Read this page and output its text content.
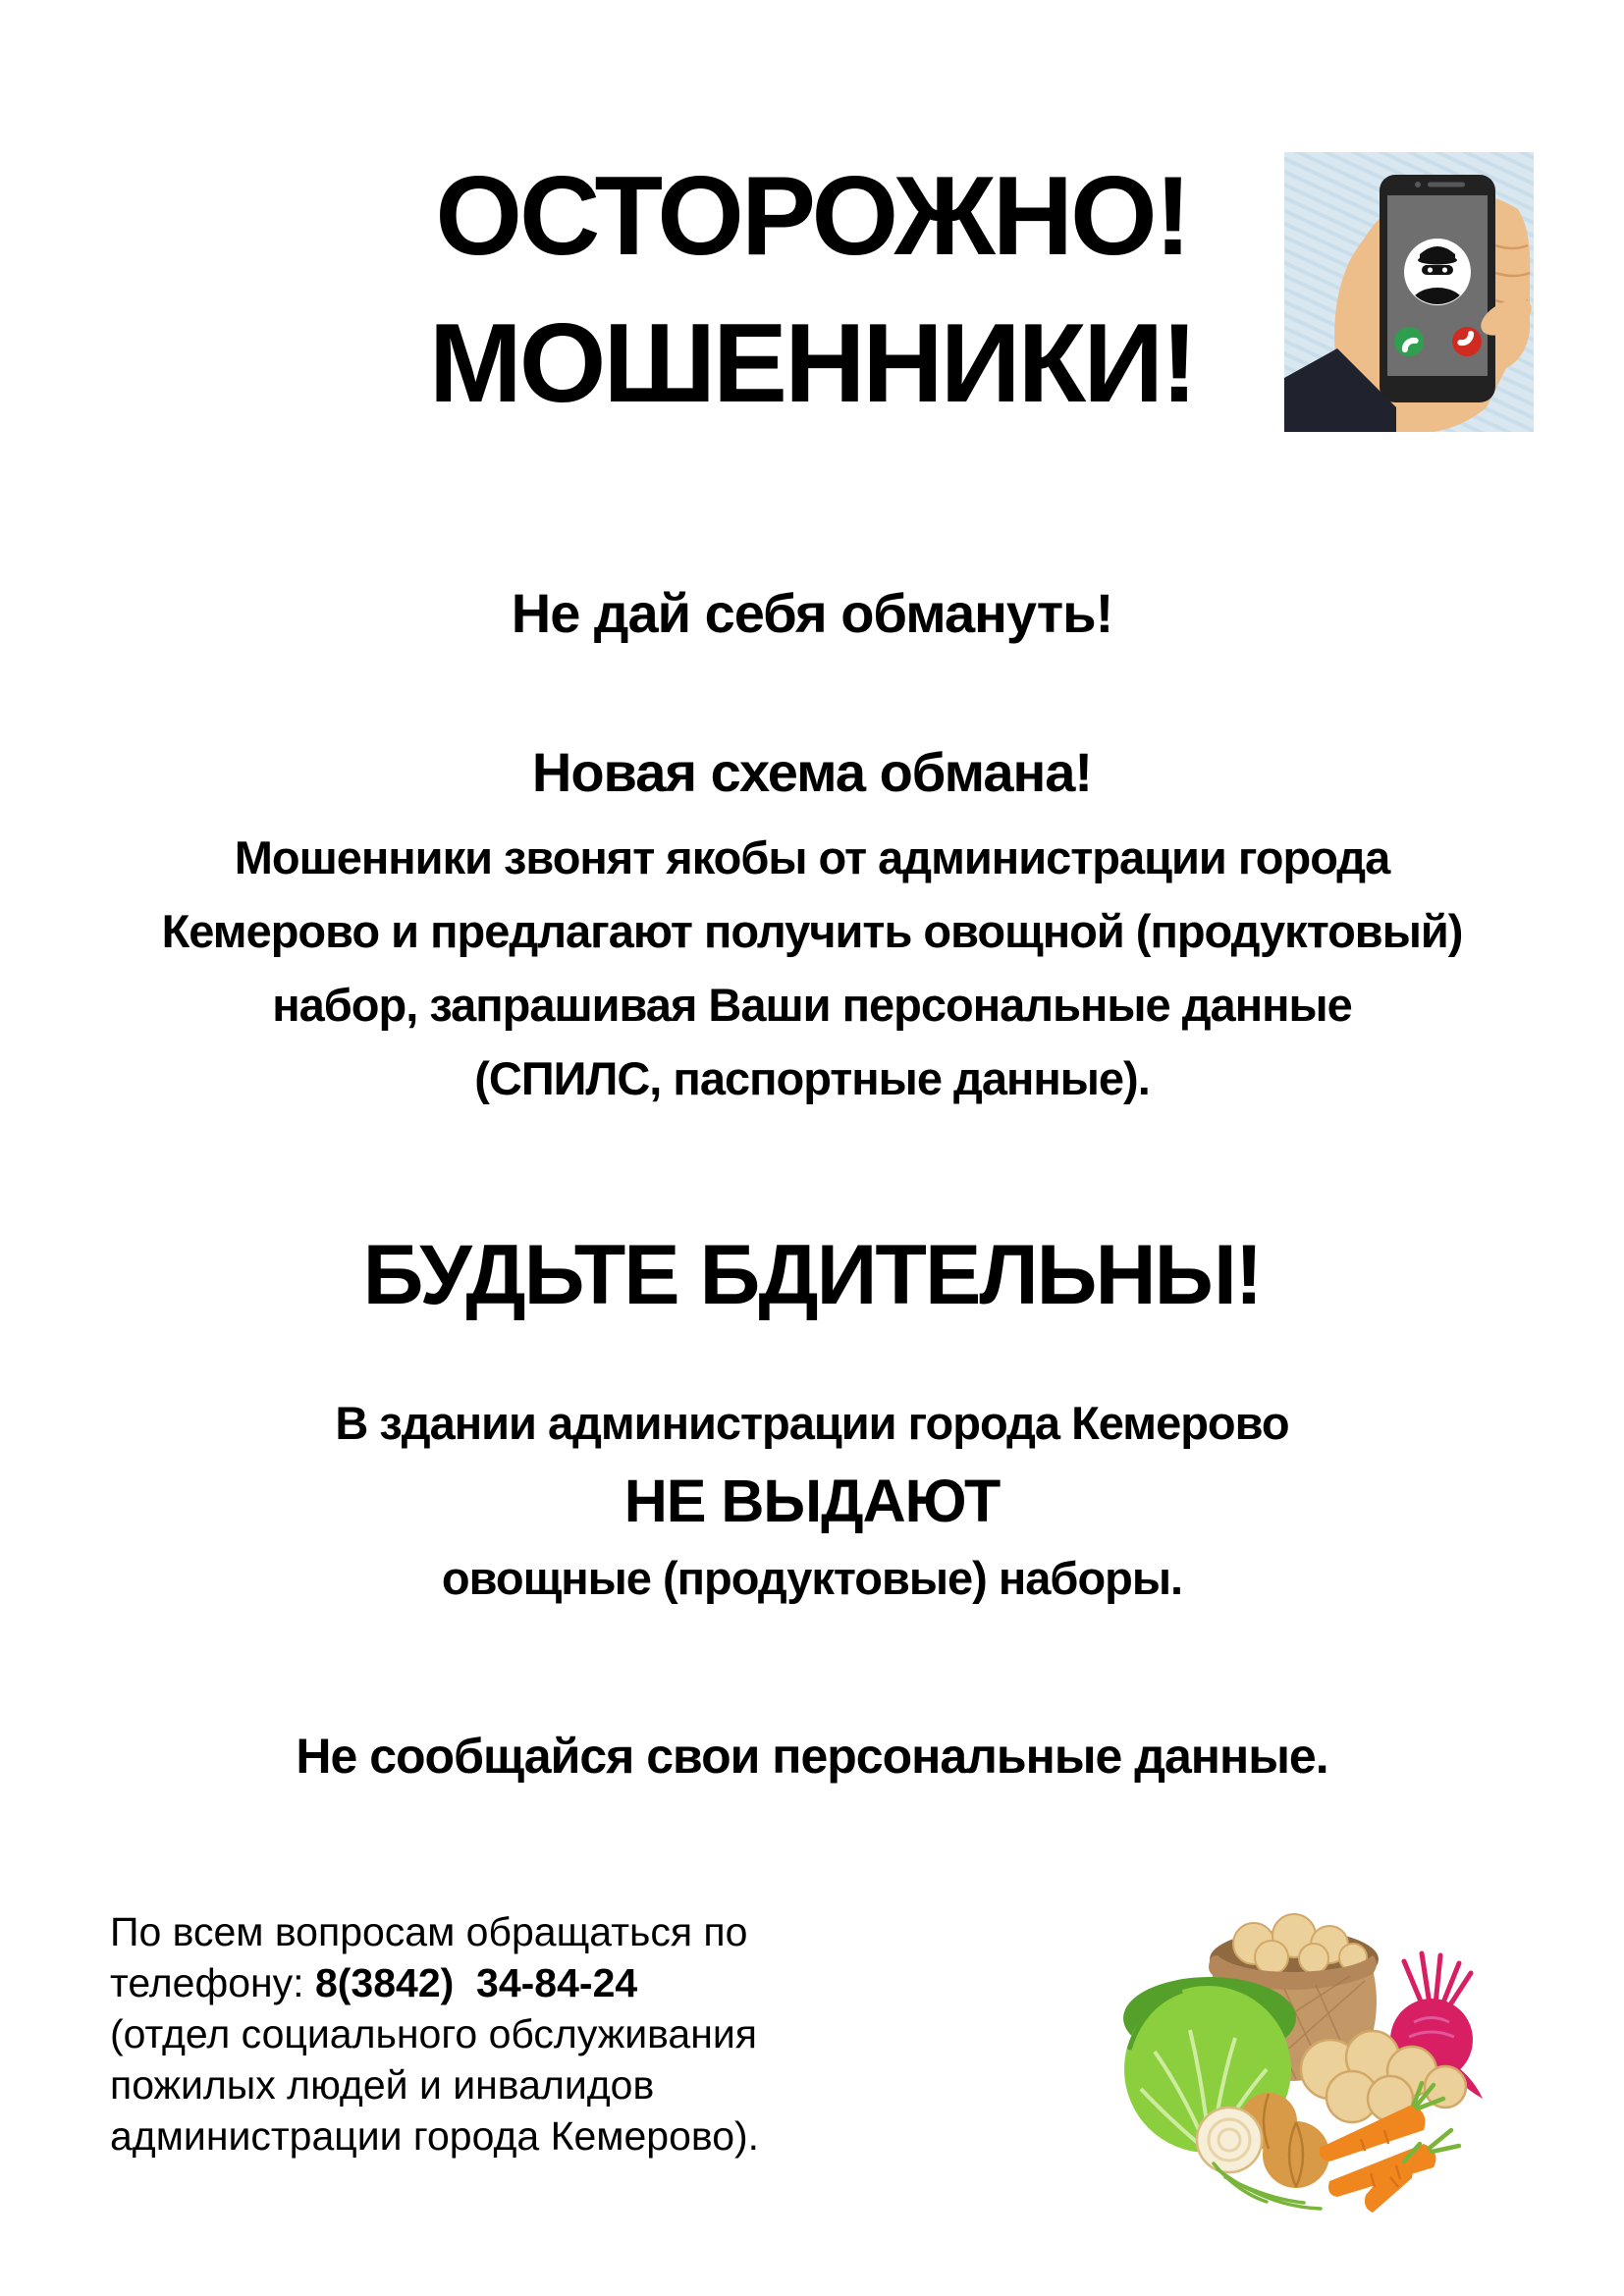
ОСТОРОЖНО!
МОШЕННИКИ!
Не дай себя обмануть!
Новая схема обмана!
Мошенники звонят якобы от администрации города
Кемерово и предлагают получить овощной (продуктовый)
набор, запрашивая Ваши персональные данные
(СПИЛС, паспортные данные).
БУДЬТЕ БДИТЕЛЬНЫ!
В здании администрации города Кемерово
НЕ ВЫДАЮТ
овощные (продуктовые) наборы.
Не сообщайся свои персональные данные.
По всем вопросам обращаться по
телефону: 8(3842)  34-84-24
(отдел социального обслуживания
пожилых людей и инвалидов
администрации города Кемерово).
